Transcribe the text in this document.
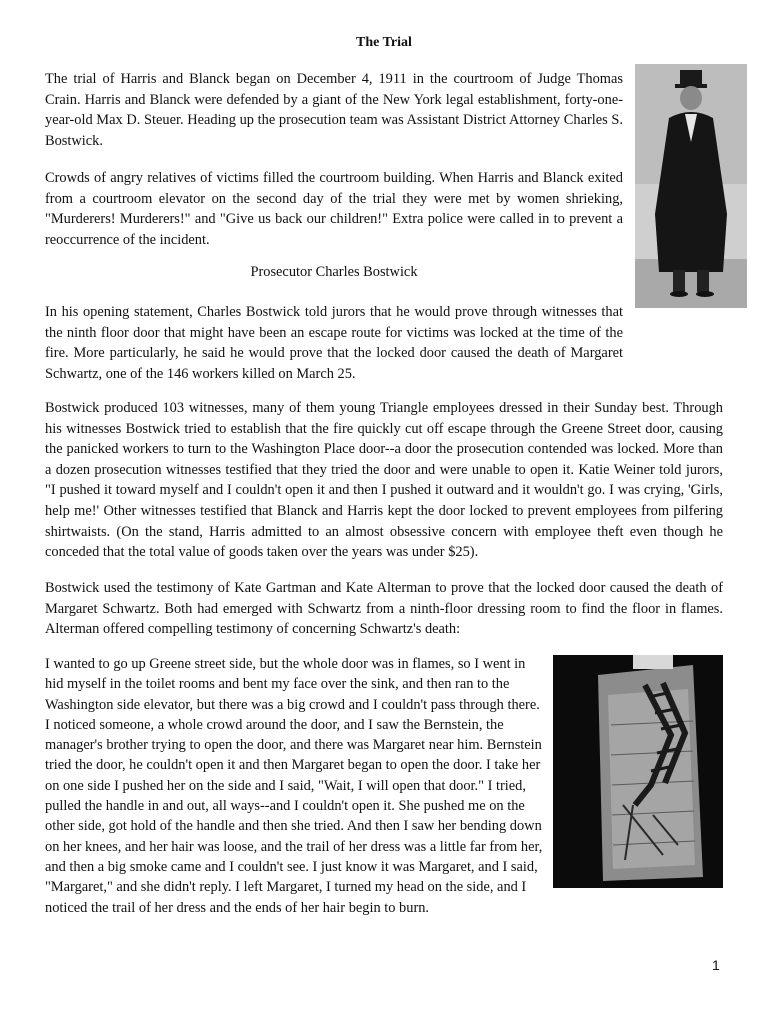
The Trial

The trial of Harris and Blanck began on December 4, 1911 in the courtroom of Judge Thomas Crain. Harris and Blanck were defended by a giant of the New York legal establishment, forty-one-year-old Max D. Steuer. Heading up the prosecution team was Assistant District Attorney Charles S. Bostwick.

Crowds of angry relatives of victims filled the courtroom building. When Harris and Blanck exited from a courtroom elevator on the second day of the trial they were met by women shrieking, "Murderers! Murderers!" and "Give us back our children!" Extra police were called in to prevent a reoccurrence of the incident.

Prosecutor Charles Bostwick

In his opening statement, Charles Bostwick told jurors that he would prove through witnesses that the ninth floor door that might have been an escape route for victims was locked at the time of the fire. More particularly, he said he would prove that the locked door caused the death of Margaret Schwartz, one of the 146 workers killed on March 25.

Bostwick produced 103 witnesses, many of them young Triangle employees dressed in their Sunday best. Through his witnesses Bostwick tried to establish that the fire quickly cut off escape through the Greene Street door, causing the panicked workers to turn to the Washington Place door--a door the prosecution contended was locked. More than a dozen prosecution witnesses testified that they tried the door and were unable to open it. Katie Weiner told jurors, "I pushed it toward myself and I couldn't open it and then I pushed it outward and it wouldn't go. I was crying, 'Girls, help me!' Other witnesses testified that Blanck and Harris kept the door locked to prevent employees from pilfering shirtwaists. (On the stand, Harris admitted to an almost obsessive concern with employee theft even though he conceded that the total value of goods taken over the years was under $25).

Bostwick used the testimony of Kate Gartman and Kate Alterman to prove that the locked door caused the death of Margaret Schwartz. Both had emerged with Schwartz from a ninth-floor dressing room to find the floor in flames. Alterman offered compelling testimony of concerning Schwartz's death:

I wanted to go up Greene street side, but the whole door was in flames, so I went in hid myself in the toilet rooms and bent my face over the sink, and then ran to the Washington side elevator, but there was a big crowd and I couldn't pass through there. I noticed someone, a whole crowd around the door, and I saw the Bernstein, the manager's brother trying to open the door, and there was Margaret near him. Bernstein tried the door, he couldn't open it and then Margaret began to open the door. I take her on one side I pushed her on the side and I said, "Wait, I will open that door." I tried, pulled the handle in and out, all ways--and I couldn't open it. She pushed me on the other side, got hold of the handle and then she tried. And then I saw her bending down on her knees, and her hair was loose, and the trail of her dress was a little far from her, and then a big smoke came and I couldn't see. I just know it was Margaret, and I said, "Margaret," and she didn't reply. I left Margaret, I turned my head on the side, and I noticed the trail of her dress and the ends of her hair begin to burn.
1
